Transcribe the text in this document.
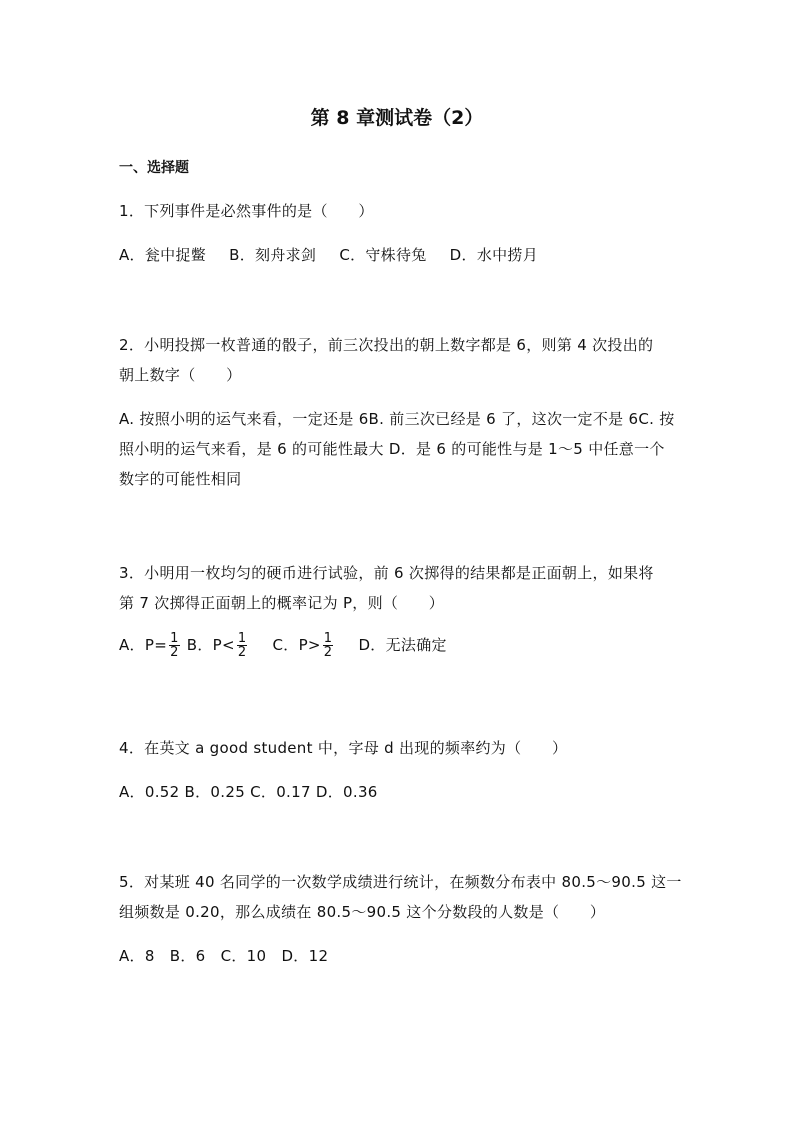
第 8 章测试卷（2）
一、选择题
1．下列事件是必然事件的是（　　）
A．瓮中捉鳖 B．刻舟求剑 C．守株待兔 D．水中捞月
2．小明投掷一枚普通的骰子，前三次投出的朝上数字都是 6，则第 4 次投出的
朝上数字（　　）
A. 按照小明的运气来看，一定还是 6B. 前三次已经是 6 了，这次一定不是 6C. 按
照小明的运气来看，是 6 的可能性最大 D．是 6 的可能性与是 1～5 中任意一个
数字的可能性相同
3．小明用一枚均匀的硬币进行试验，前 6 次掷得的结果都是正面朝上，如果将
第 7 次掷得正面朝上的概率记为 P，则（　　）
A．$P= \frac{1}{2}$ B．$P< \frac{1}{2}$ C．$P> \frac{1}{2}$ D．无法确定
4．在英文 a good student 中，字母 d 出现的频率约为（　　）
A．0.52 B．0.25 C．0.17 D．0.36
5．对某班 40 名同学的一次数学成绩进行统计，在频数分布表中 80.5～90.5 这一
组频数是 0.20，那么成绩在 80.5～90.5 这个分数段的人数是（　　）
A．8 B．6 C．10 D．12
